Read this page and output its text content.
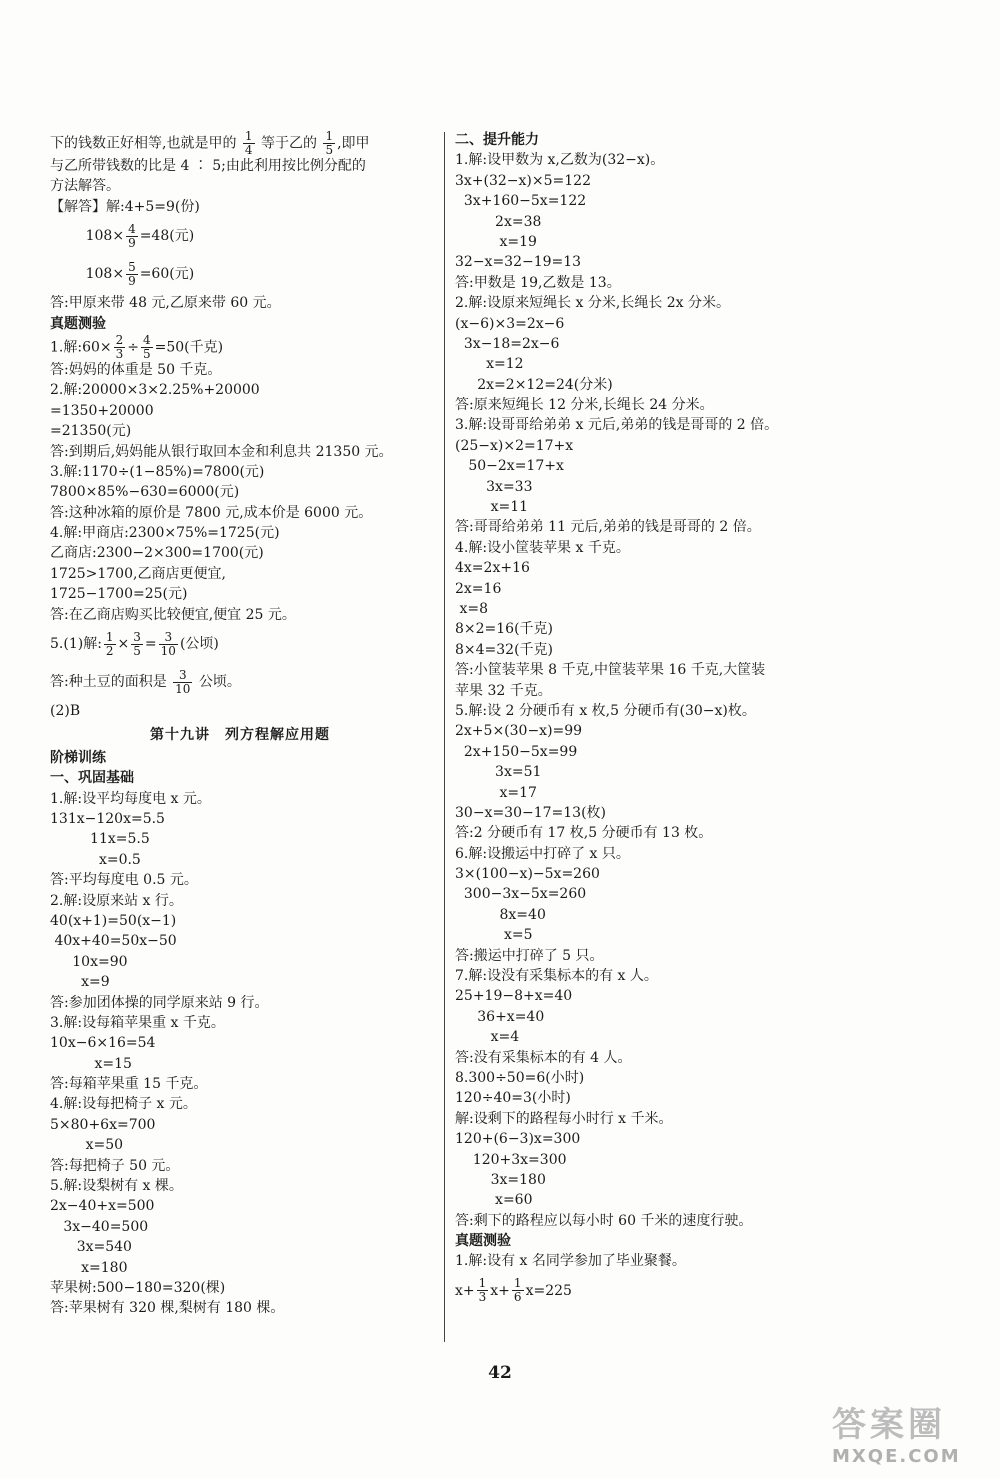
下的钱数正好相等,也就是甲的 $\frac{1}{4}$ 等于乙的 $\frac{1}{5}$ ,即甲
与乙所带钱数的比是 4 ∶ 5;由此利用按比例分配的
方法解答。
【解答】解:4+5=9(份)
$108\times \frac{4}{9} =48$(元)
$108\times \frac{5}{9} =60$(元)
答:甲原来带 48 元,乙原来带 60 元。
真题测验
1.解:60× $\frac{2}{3} \div \frac{4}{5} =50$(千克)
答:妈妈的体重是 50 千克。
2.解:20000×3×2.25%+20000
=1350+20000
=21350(元)
答:到期后,妈妈能从银行取回本金和利息共 21350 元。
3.解:1170÷(1−85%)=7800(元)
7800×85%−630=6000(元)
答:这种冰箱的原价是 7800 元,成本价是 6000 元。
4.解:甲商店:2300×75%=1725(元)
乙商店:2300−2×300=1700(元)
1725>1700,乙商店更便宜,
1725−1700=25(元)
答:在乙商店购买比较便宜,便宜 25 元。
5.(1)解: $\frac{1}{2} \times \frac{3}{5} = \frac{3}{10}$ (公顷)
答:种土豆的面积是 $\frac{3}{10}$ 公顷。
(2)B
第十九讲　列方程解应用题
阶梯训练
一、巩固基础
1.解:设平均每度电 x 元。
131x−120x=5.5
11x=5.5
x=0.5
答:平均每度电 0.5 元。
2.解:设原来站 x 行。
40(x+1)=50(x−1)
40x+40=50x−50
10x=90
x=9
答:参加团体操的同学原来站 9 行。
3.解:设每箱苹果重 x 千克。
10x−6×16=54
x=15
答:每箱苹果重 15 千克。
4.解:设每把椅子 x 元。
5×80+6x=700
x=50
答:每把椅子 50 元。
5.解:设梨树有 x 棵。
2x−40+x=500
3x−40=500
3x=540
x=180
苹果树:500−180=320(棵)
答:苹果树有 320 棵,梨树有 180 棵。
二、提升能力
1.解:设甲数为 x,乙数为(32−x)。
3x+(32−x)×5=122
3x+160−5x=122
2x=38
x=19
32−x=32−19=13
答:甲数是 19,乙数是 13。
2.解:设原来短绳长 x 分米,长绳长 2x 分米。
(x−6)×3=2x−6
3x−18=2x−6
x=12
2x=2×12=24(分米)
答:原来短绳长 12 分米,长绳长 24 分米。
3.解:设哥哥给弟弟 x 元后,弟弟的钱是哥哥的 2 倍。
(25−x)×2=17+x
50−2x=17+x
3x=33
x=11
答:哥哥给弟弟 11 元后,弟弟的钱是哥哥的 2 倍。
4.解:设小筐装苹果 x 千克。
4x=2x+16
2x=16
x=8
8×2=16(千克)
8×4=32(千克)
答:小筐装苹果 8 千克,中筐装苹果 16 千克,大筐装
苹果 32 千克。
5.解:设 2 分硬币有 x 枚,5 分硬币有(30−x)枚。
2x+5×(30−x)=99
2x+150−5x=99
3x=51
x=17
30−x=30−17=13(枚)
答:2 分硬币有 17 枚,5 分硬币有 13 枚。
6.解:设搬运中打碎了 x 只。
3×(100−x)−5x=260
300−3x−5x=260
8x=40
x=5
答:搬运中打碎了 5 只。
7.解:设没有采集标本的有 x 人。
25+19−8+x=40
36+x=40
x=4
答:没有采集标本的有 4 人。
8.300÷50=6(小时)
120÷40=3(小时)
解:设剩下的路程每小时行 x 千米。
120+(6−3)x=300
120+3x=300
3x=180
x=60
答:剩下的路程应以每小时 60 千米的速度行驶。
真题测验
1.解:设有 x 名同学参加了毕业聚餐。
$x+ \frac{1}{3} x+ \frac{1}{6} x=225$
42
答案圈
MXQE.COM
